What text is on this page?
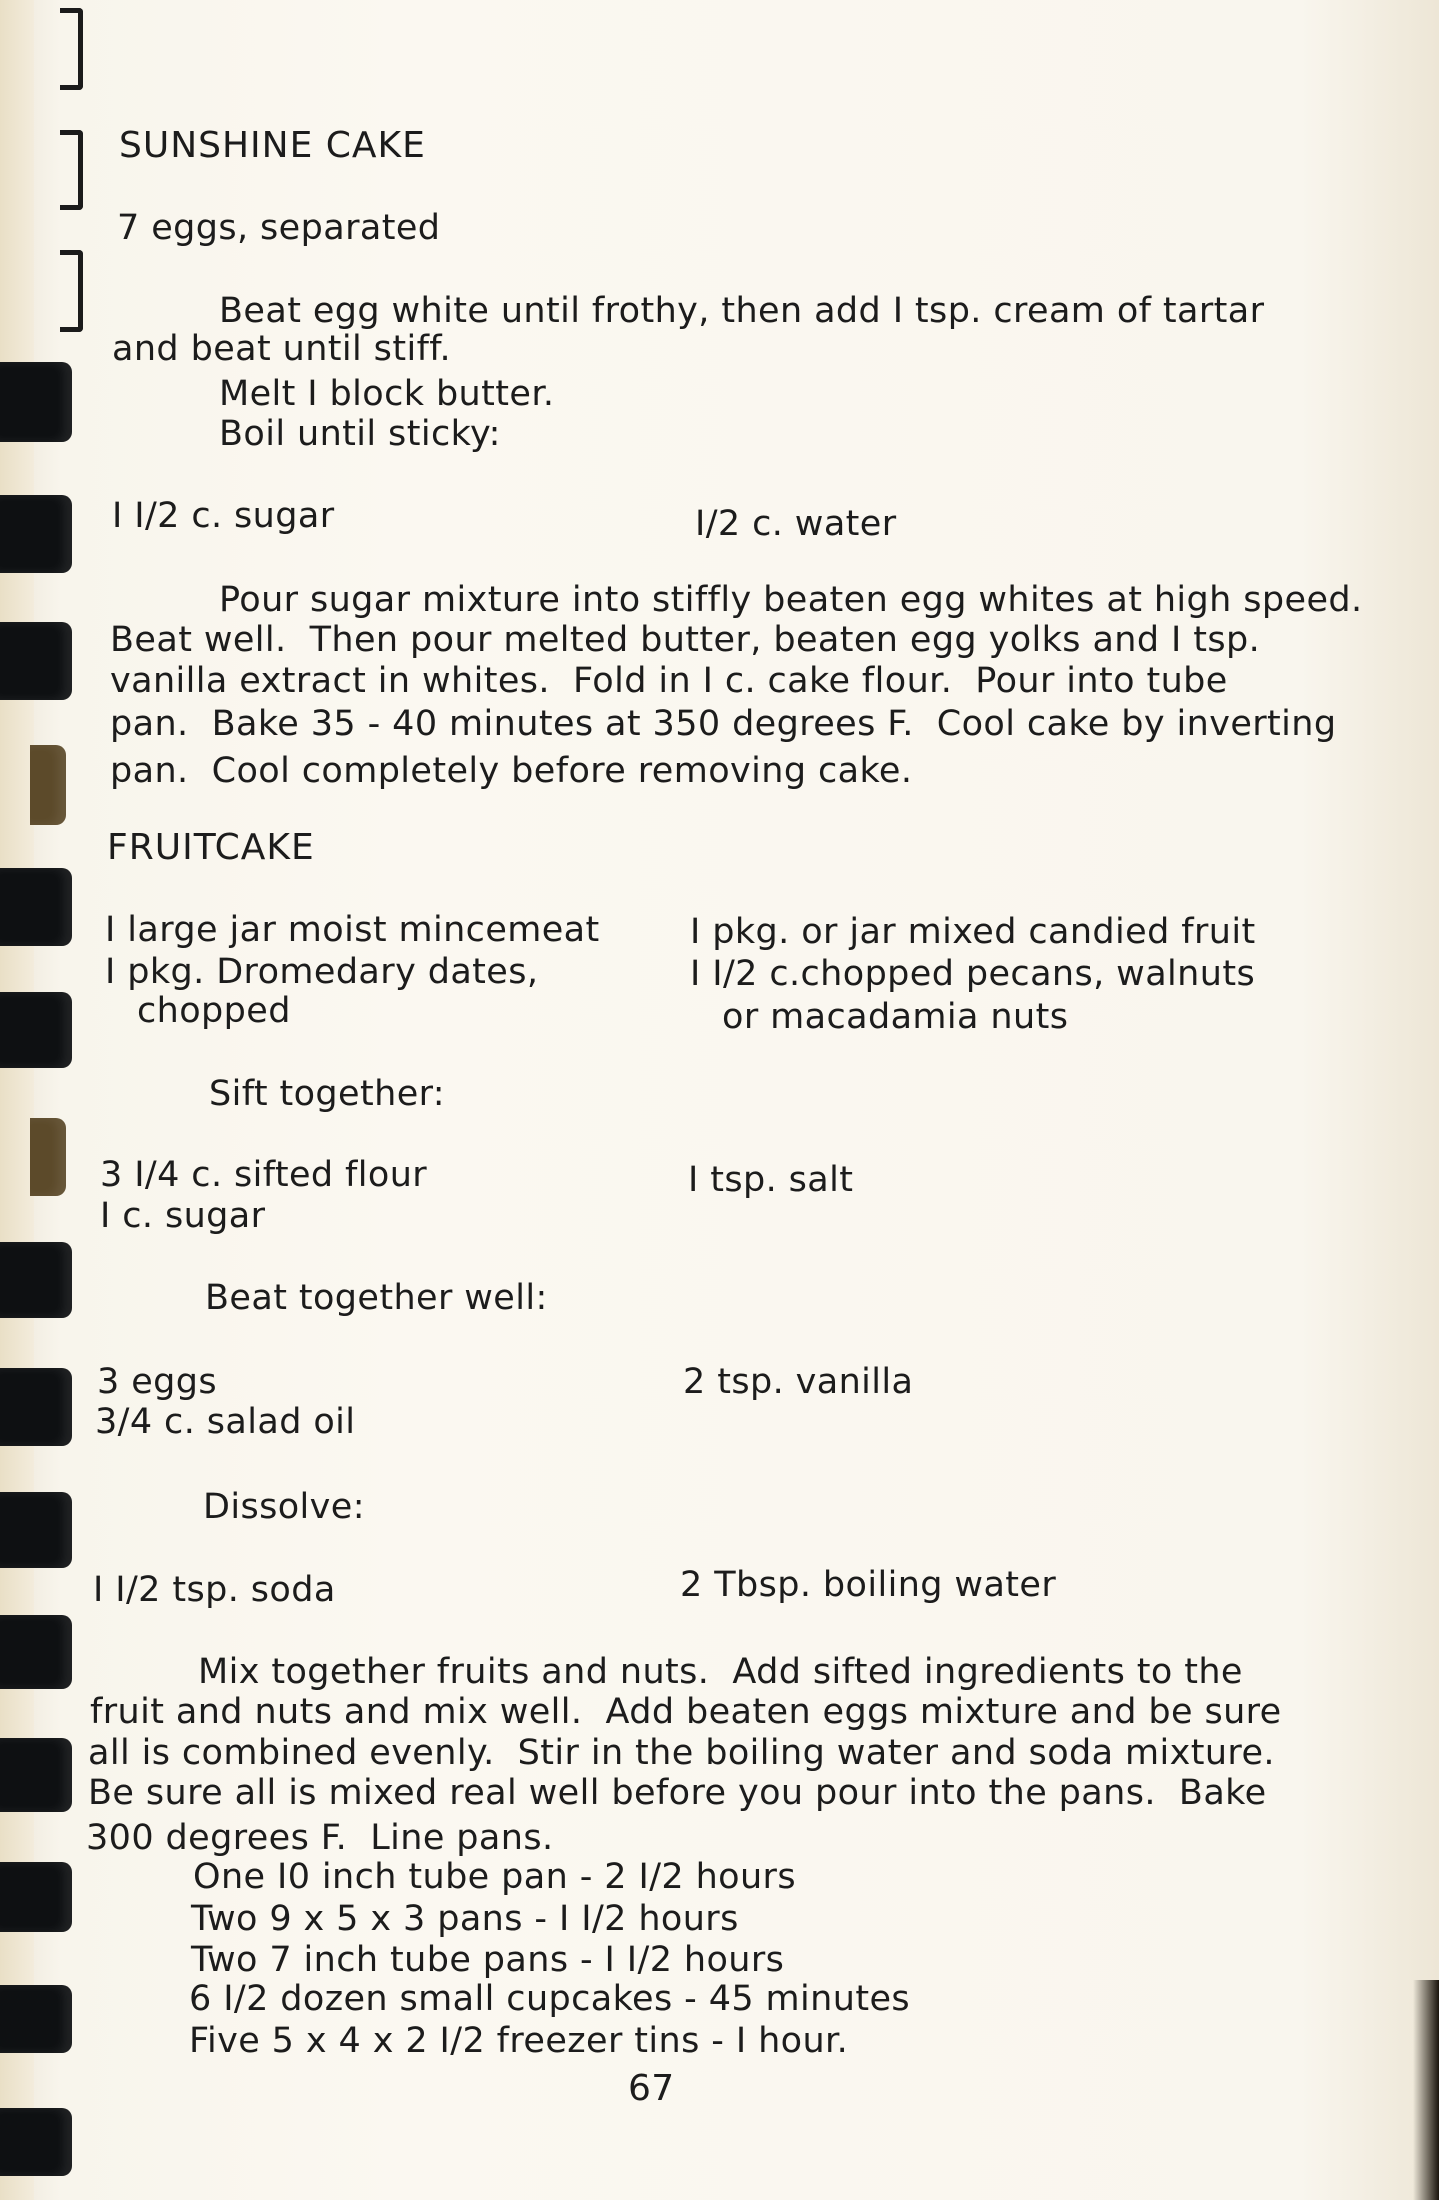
SUNSHINE CAKE

7 eggs, separated

Beat egg white until frothy, then add I tsp. cream of tartar

and beat until stiff.

Melt I block butter.

Boil until sticky:

I I/2 c. sugar	I/2 c. water

Pour sugar mixture into stiffly beaten egg whites at high speed.

Beat well.  Then pour melted butter, beaten egg yolks and I tsp.

vanilla extract in whites.  Fold in I c. cake flour.  Pour into tube

pan.  Bake 35 - 40 minutes at 350 degrees F.  Cool cake by inverting

pan.  Cool completely before removing cake.

FRUITCAKE

I large jar moist mincemeat

I pkg. Dromedary dates,

chopped

I pkg. or jar mixed candied fruit

I I/2 c.chopped pecans, walnuts

or macadamia nuts

Sift together:

3 I/4 c. sifted flour

I c. sugar

I tsp. salt

Beat together well:

3 eggs

3/4 c. salad oil

2 tsp. vanilla

Dissolve:

I I/2 tsp. soda	2 Tbsp. boiling water

Mix together fruits and nuts.  Add sifted ingredients to the

fruit and nuts and mix well.  Add beaten eggs mixture and be sure

all is combined evenly.  Stir in the boiling water and soda mixture.

Be sure all is mixed real well before you pour into the pans.  Bake

300 degrees F.  Line pans.

One I0 inch tube pan - 2 I/2 hours

Two 9 x 5 x 3 pans - I I/2 hours

Two 7 inch tube pans - I I/2 hours

6 I/2 dozen small cupcakes - 45 minutes

Five 5 x 4 x 2 I/2 freezer tins - I hour.

67
